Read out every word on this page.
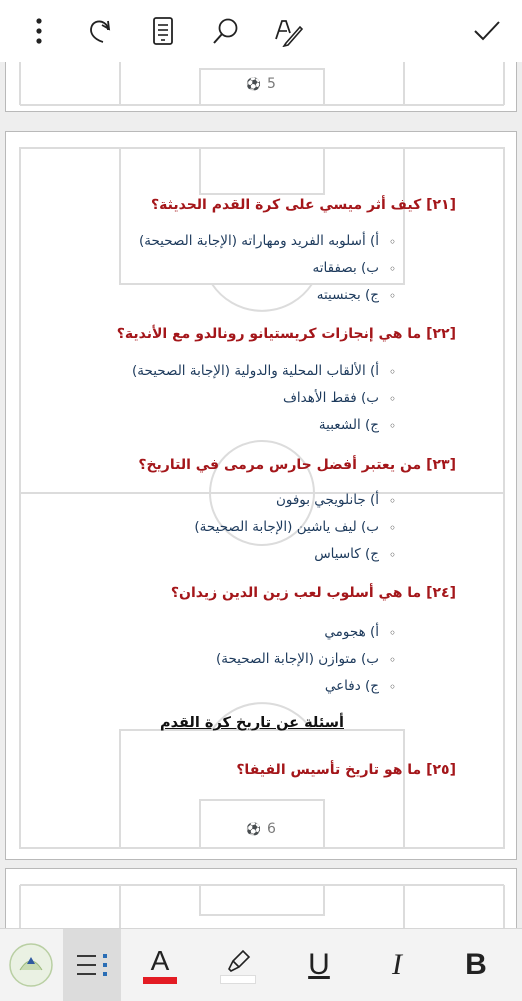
⚽ 5
[٢١] كيف أثر ميسي على كرة القدم الحديثة؟
◦
أ) أسلوبه الفريد ومهاراته (الإجابة الصحيحة)
◦
ب) بصفقاته
◦
ج) بجنسيته
[٢٢] ما هي إنجازات كريستيانو رونالدو مع الأندية؟
◦
أ) الألقاب المحلية والدولية (الإجابة الصحيحة)
◦
ب) فقط الأهداف
◦
ج) الشعبية
[٢٣] من يعتبر أفضل حارس مرمى في التاريخ؟
◦
أ) جانلويجي بوفون
◦
ب) ليف ياشين (الإجابة الصحيحة)
◦
ج) كاسياس
[٢٤] ما هي أسلوب لعب زين الدين زيدان؟
◦
أ) هجومي
◦
ب) متوازن (الإجابة الصحيحة)
◦
ج) دفاعي
أسئلة عن تاريخ كرة القدم
[٢٥] ما هو تاريخ تأسيس الفيفا؟
⚽ 6
A	U I B
